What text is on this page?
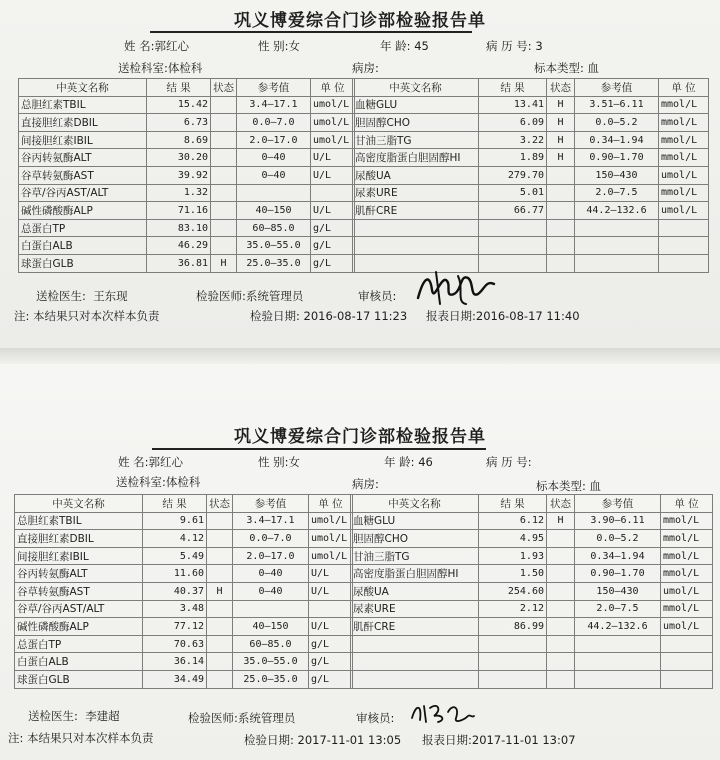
巩义博爱综合门诊部检验报告单
姓 名:郭红心	性 别:女	年 龄: 45	病 历 号: 3
送检科室:体检科	病房:	标本类型: 血
中英文名称	结 果	状态	参考值	单 位
总胆红素TBIL	15.42		3.4—17.1	umol/L
直接胆红素DBIL	6.73		0.0—7.0	umol/L
间接胆红素IBIL	8.69		2.0—17.0	umol/L
谷丙转氨酶ALT	30.20		0—40	U/L
谷草转氨酶AST	39.92		0—40	U/L
谷草/谷丙AST/ALT	1.32			
碱性磷酸酶ALP	71.16		40—150	U/L
总蛋白TP	83.10		60—85.0	g/L
白蛋白ALB	46.29		35.0—55.0	g/L
球蛋白GLB	36.81	H	25.0—35.0	g/L
中英文名称	结 果	状态	参考值	单 位
血糖GLU	13.41	H	3.51—6.11	mmol/L
胆固醇CHO	6.09	H	0.0—5.2	mmol/L
甘油三脂TG	3.22	H	0.34—1.94	mmol/L
高密度脂蛋白胆固醇HI	1.89	H	0.90—1.70	mmol/L
尿酸UA	279.70		150—430	umol/L
尿素URE	5.01		2.0—7.5	mmol/L
肌酐CRE	66.77		44.2—132.6	umol/L

送检医生: 王东现	检验医师:系统管理员	审核员:
注: 本结果只对本次样本负责	检验日期: 2016-08-17 11:23 报表日期:2016-08-17 11:40
巩义博爱综合门诊部检验报告单
姓 名:郭红心	性 别:女	年 龄: 46	病 历 号:
送检科室:体检科	病房:	标本类型: 血
中英文名称	结 果	状态	参考值	单 位
总胆红素TBIL	9.61		3.4—17.1	umol/L
直接胆红素DBIL	4.12		0.0—7.0	umol/L
间接胆红素IBIL	5.49		2.0—17.0	umol/L
谷丙转氨酶ALT	11.60		0—40	U/L
谷草转氨酶AST	40.37	H	0—40	U/L
谷草/谷丙AST/ALT	3.48			
碱性磷酸酶ALP	77.12		40—150	U/L
总蛋白TP	70.63		60—85.0	g/L
白蛋白ALB	36.14		35.0—55.0	g/L
球蛋白GLB	34.49		25.0—35.0	g/L
中英文名称	结 果	状态	参考值	单 位
血糖GLU	6.12	H	3.90—6.11	mmol/L
胆固醇CHO	4.95		0.0—5.2	mmol/L
甘油三脂TG	1.93		0.34—1.94	mmol/L
高密度脂蛋白胆固醇HI	1.50		0.90—1.70	mmol/L
尿酸UA	254.60		150—430	umol/L
尿素URE	2.12		2.0—7.5	mmol/L
肌酐CRE	86.99		44.2—132.6	umol/L

送检医生: 李建超	检验医师:系统管理员	审核员:
注: 本结果只对本次样本负责	检验日期: 2017-11-01 13:05 报表日期:2017-11-01 13:07
